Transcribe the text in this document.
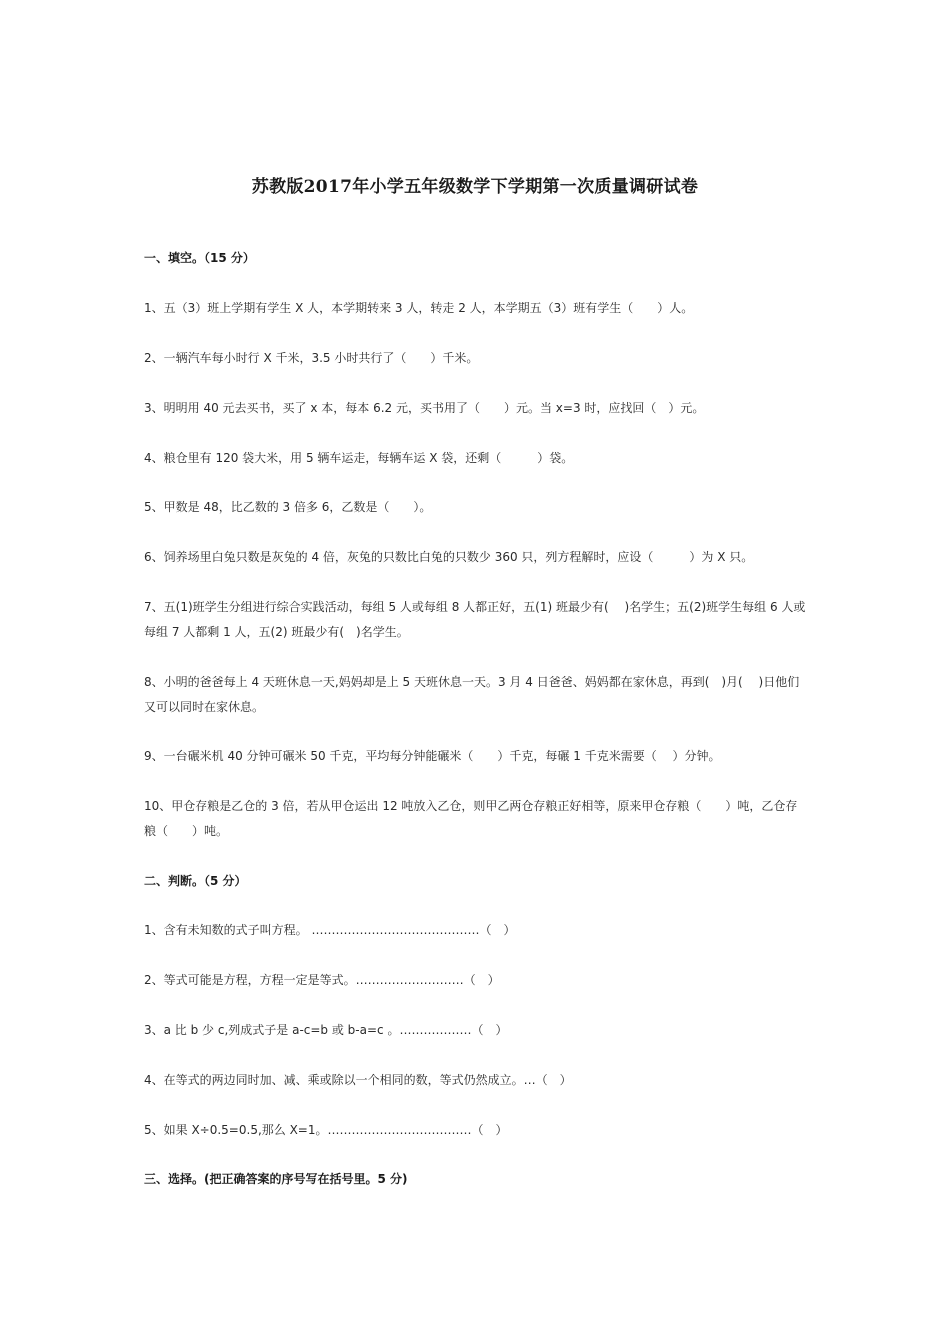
苏教版2017年小学五年级数学下学期第一次质量调研试卷
一、填空。（15 分）
1、五（3）班上学期有学生 X 人，本学期转来 3 人，转走 2 人，本学期五（3）班有学生（　　）人。
2、一辆汽车每小时行 X 千米，3.5 小时共行了（　　）千米。
3、明明用 40 元去买书，买了 x 本，每本 6.2 元，买书用了（　　）元。当 x=3 时，应找回（　）元。
4、粮仓里有 120 袋大米，用 5 辆车运走，每辆车运 X 袋，还剩（　　　）袋。
5、甲数是 48，比乙数的 3 倍多 6，乙数是（　　）。
6、饲养场里白兔只数是灰兔的 4 倍，灰兔的只数比白兔的只数少 360 只，列方程解时，应设（　　　）为 X 只。
7、五(1)班学生分组进行综合实践活动，每组 5 人或每组 8 人都正好，五(1) 班最少有(　 )名学生；五(2)班学生每组 6 人或每组 7 人都剩 1 人，五(2) 班最少有(　)名学生。
8、小明的爸爸每上 4 天班休息一天,妈妈却是上 5 天班休息一天。3 月 4 日爸爸、妈妈都在家休息，再到(　)月(　 )日他们又可以同时在家休息。
9、一台碾米机 40 分钟可碾米 50 千克，平均每分钟能碾米（　　）千克，每碾 1 千克米需要（　 ）分钟。
10、甲仓存粮是乙仓的 3 倍，若从甲仓运出 12 吨放入乙仓，则甲乙两仓存粮正好相等，原来甲仓存粮（　　）吨，乙仓存粮（　　）吨。
二、判断。（5 分）
1、含有未知数的式子叫方程。 ……………………………………（　）
2、等式可能是方程，方程一定是等式。………………………（　）
3、a 比 b 少 c,列成式子是 a-c=b 或 b-a=c 。………………（　）
4、在等式的两边同时加、减、乘或除以一个相同的数，等式仍然成立。…（　）
5、如果 X÷0.5=0.5,那么 X=1。………………………………（　）
三、选择。(把正确答案的序号写在括号里。5 分)
